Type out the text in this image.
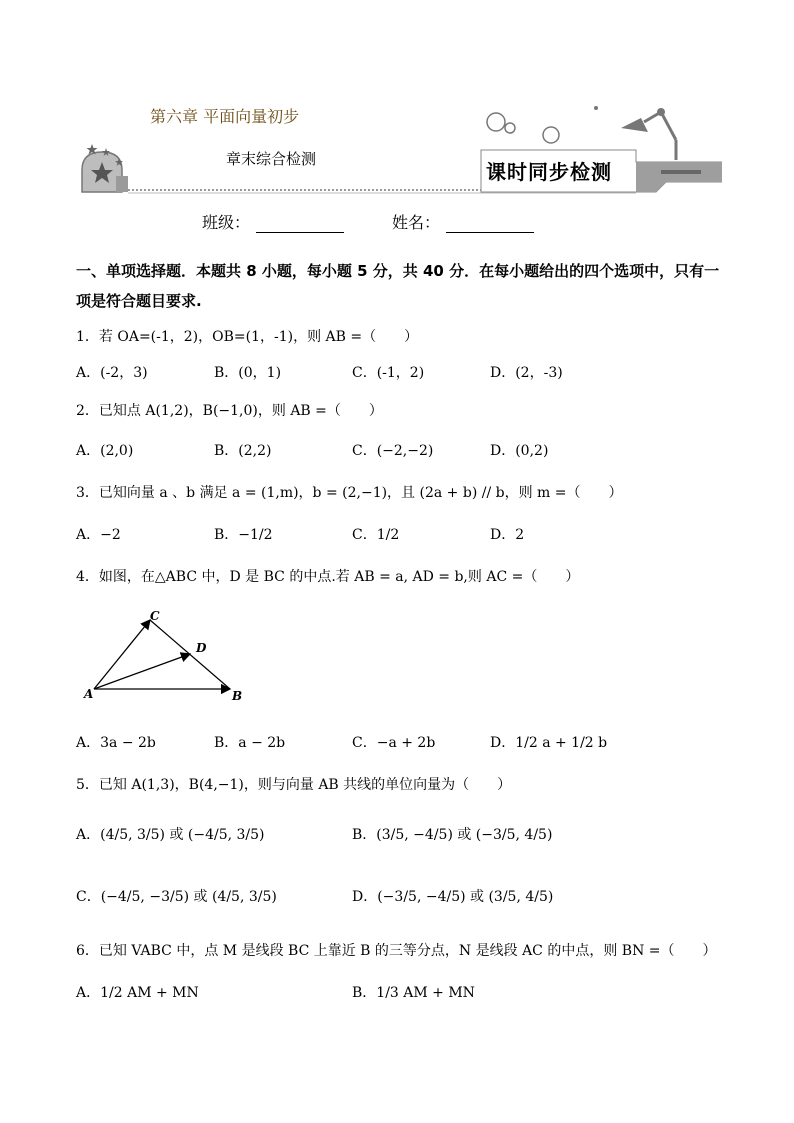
第六章 平面向量初步
章末综合检测
课时同步检测
班级：	姓名：
一、单项选择题．本题共 8 小题，每小题 5 分，共 40 分．在每小题给出的四个选项中，只有一项是符合题目要求.
1．若 OA=(-1，2)，OB=(1，-1)，则 AB =（　　）
A．(-2，3)	B．(0，1)	C．(-1，2)	D．(2，-3)
2．已知点 A(1,2)，B(−1,0)，则 AB =（　　）
A．(2,0)	B．(2,2)	C．(−2,−2)	D．(0,2)
3．已知向量 a 、b 满足 a = (1,m)，b = (2,−1)，且 (2a + b) // b，则 m =（　　）
A．−2	B．−1/2	C．1/2	D．2
4．如图，在△ABC 中，D 是 BC 的中点.若 AB = a, AD = b,则 AC =（　　）
A	B
C
D
A．3a − 2b	B．a − 2b	C．−a + 2b	D．1/2 a + 1/2 b
5．已知 A(1,3)，B(4,−1)，则与向量 AB 共线的单位向量为（　　）
A．(4/5, 3/5) 或 (−4/5, 3/5)	B．(3/5, −4/5) 或 (−3/5, 4/5)
C．(−4/5, −3/5) 或 (4/5, 3/5)	D．(−3/5, −4/5) 或 (3/5, 4/5)
6．已知 VABC 中，点 M 是线段 BC 上靠近 B 的三等分点，N 是线段 AC 的中点，则 BN =（　　）
A．1/2 AM + MN	B．1/3 AM + MN
